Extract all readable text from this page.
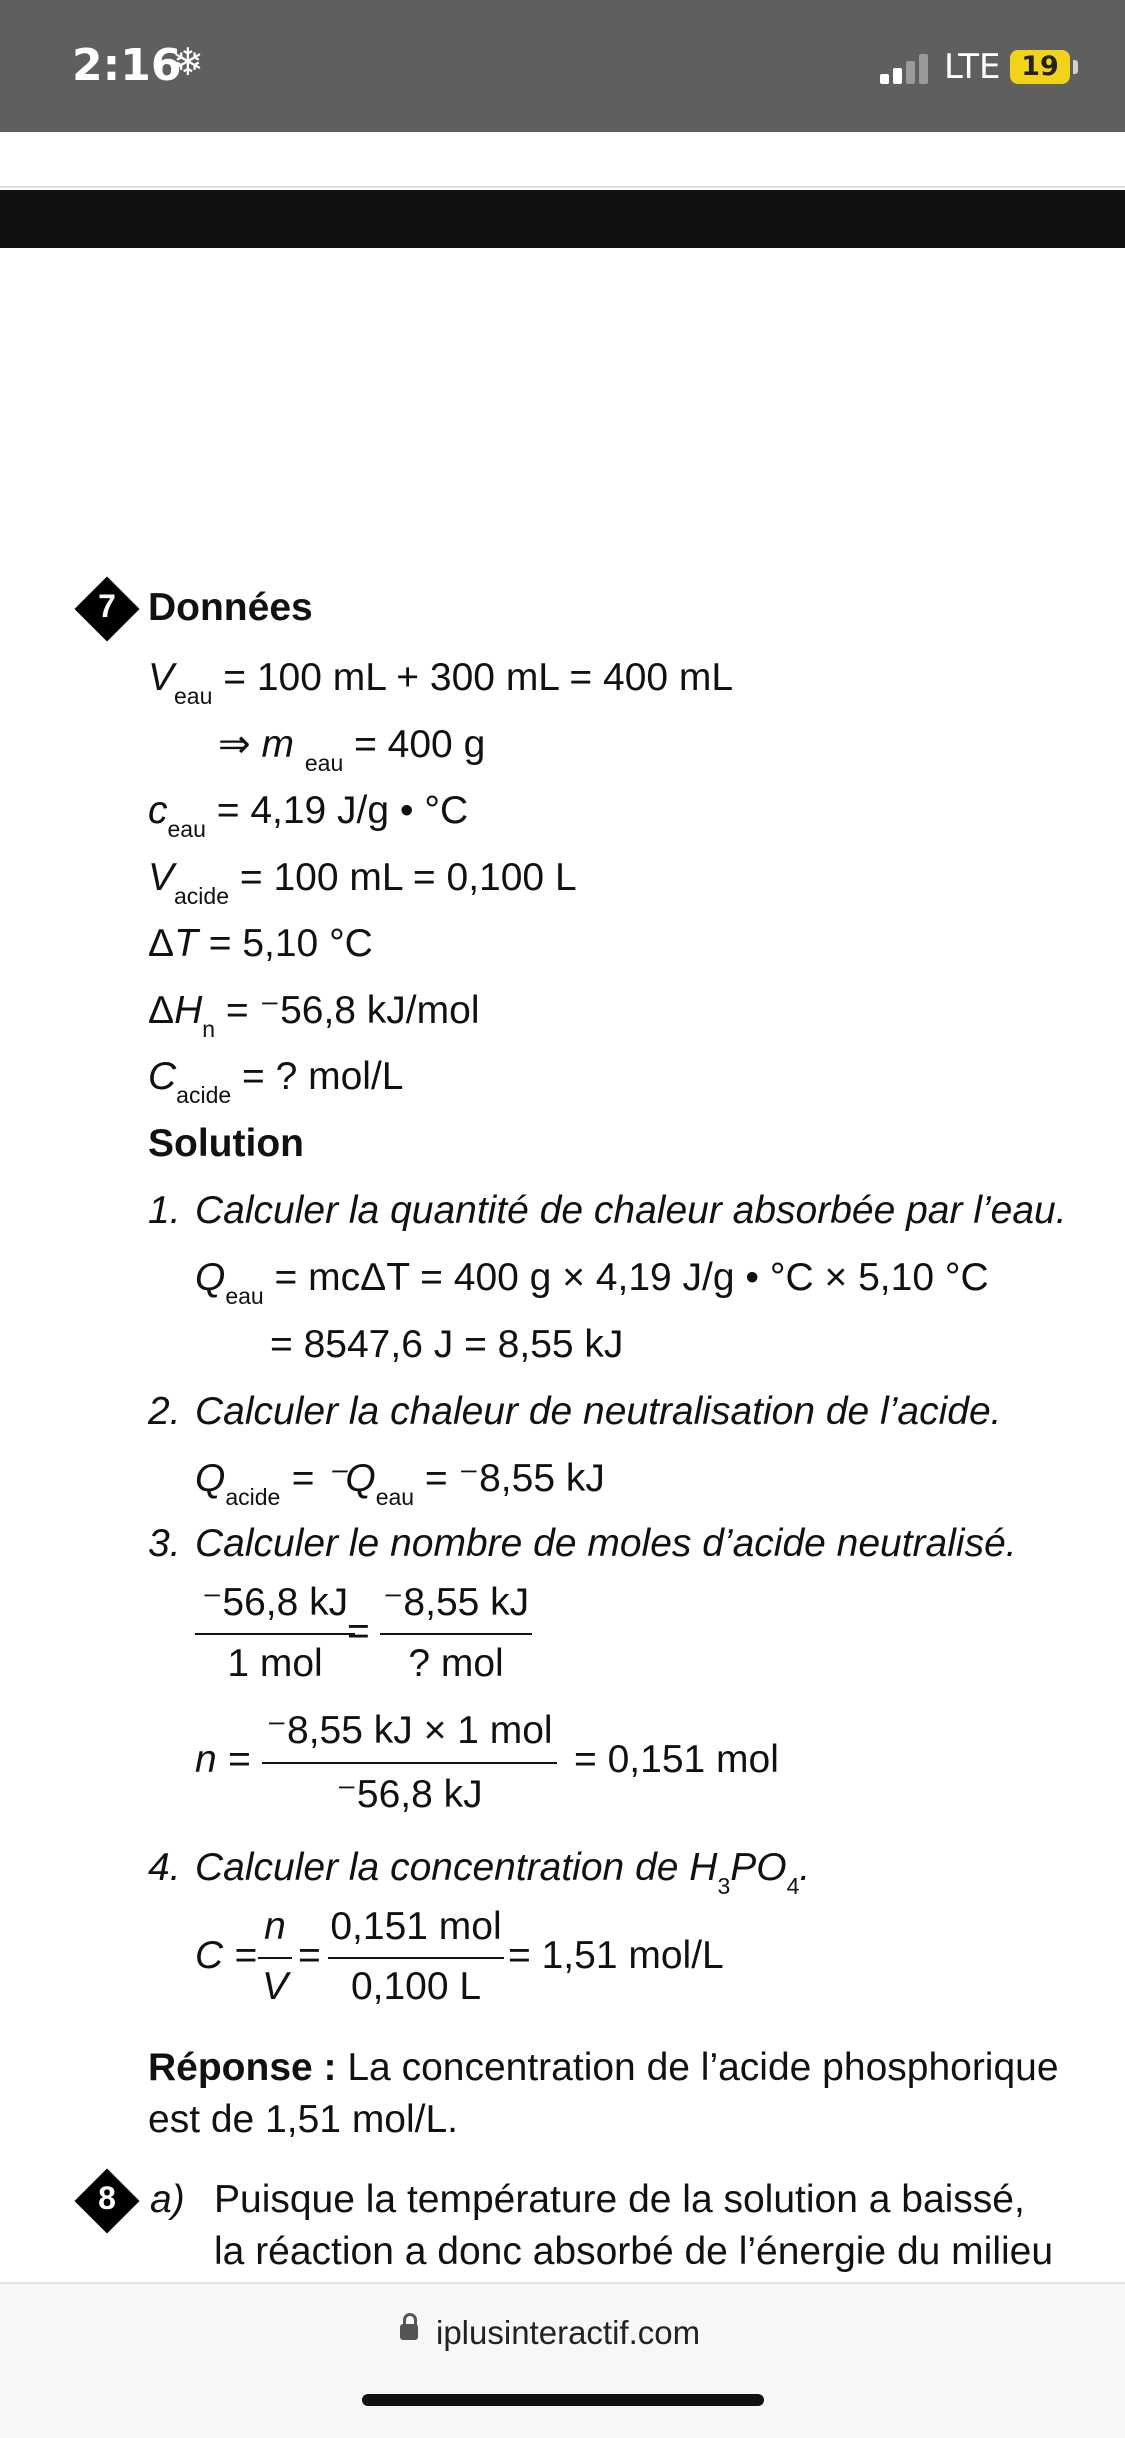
2:16
❄	LTE 19
7 Données
$V_{eau} = 100$ mL + 300 mL = 400 mL
⇒ m $_{eau}$ = 400 g
$c_{eau} = 4,19$ J/g • °C
$V_{acide} = 100$ mL = 0,100 L
ΔT = 5,10 °C
$\Delta H_n = ^-56,8$ kJ/mol
$C_{acide}$ = ? mol/L
Solution
1. Calculer la quantité de chaleur absorbée par l’eau.
$Q_{eau} = mc\Delta T = 400$ g × 4,19 J/g • °C × 5,10 °C
= 8547,6 J = 8,55 kJ
2. Calculer la chaleur de neutralisation de l’acide.
$Q_{acide} = ^-Q_{eau} = ^-8,55$ kJ
3. Calculer le nombre de moles d’acide neutralisé.
⁻56,8 kJ
1 mol
=
⁻8,55 kJ
? mol
n =
⁻8,55 kJ × 1 mol
⁻56,8 kJ
= 0,151 mol
4. Calculer la concentration de $H_3PO_4$.
C =
n
V
=
0,151 mol
0,100 L
= 1,51 mol/L
Réponse : La concentration de l’acide phosphorique
est de 1,51 mol/L.
8 a) Puisque la température de la solution a baissé,
la réaction a donc absorbé de l’énergie du milieu
iplusinteractif.com
